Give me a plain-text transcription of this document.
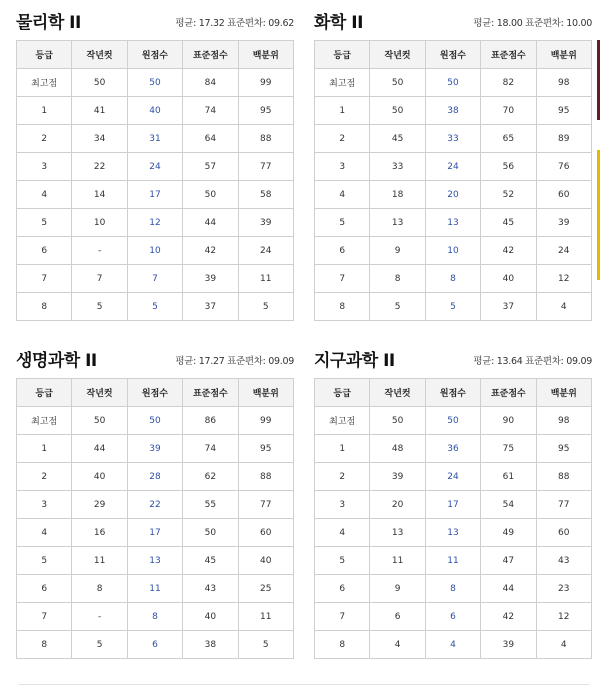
물리학 II	평균: 17.32 표준편차: 09.62
등급	작년컷	원점수	표준점수	백분위
최고점	50	50	84	99
1	41	40	74	95
2	34	31	64	88
3	22	24	57	77
4	14	17	50	58
5	10	12	44	39
6	-	10	42	24
7	7	7	39	11
8	5	5	37	5
화학 II	평균: 18.00 표준편차: 10.00
등급	작년컷	원점수	표준점수	백분위
최고점	50	50	82	98
1	50	38	70	95
2	45	33	65	89
3	33	24	56	76
4	18	20	52	60
5	13	13	45	39
6	9	10	42	24
7	8	8	40	12
8	5	5	37	4
생명과학 II	평균: 17.27 표준편차: 09.09
등급	작년컷	원점수	표준점수	백분위
최고점	50	50	86	99
1	44	39	74	95
2	40	28	62	88
3	29	22	55	77
4	16	17	50	60
5	11	13	45	40
6	8	11	43	25
7	-	8	40	11
8	5	6	38	5
지구과학 II	평균: 13.64 표준편차: 09.09
등급	작년컷	원점수	표준점수	백분위
최고점	50	50	90	98
1	48	36	75	95
2	39	24	61	88
3	20	17	54	77
4	13	13	49	60
5	11	11	47	43
6	9	8	44	23
7	6	6	42	12
8	4	4	39	4
